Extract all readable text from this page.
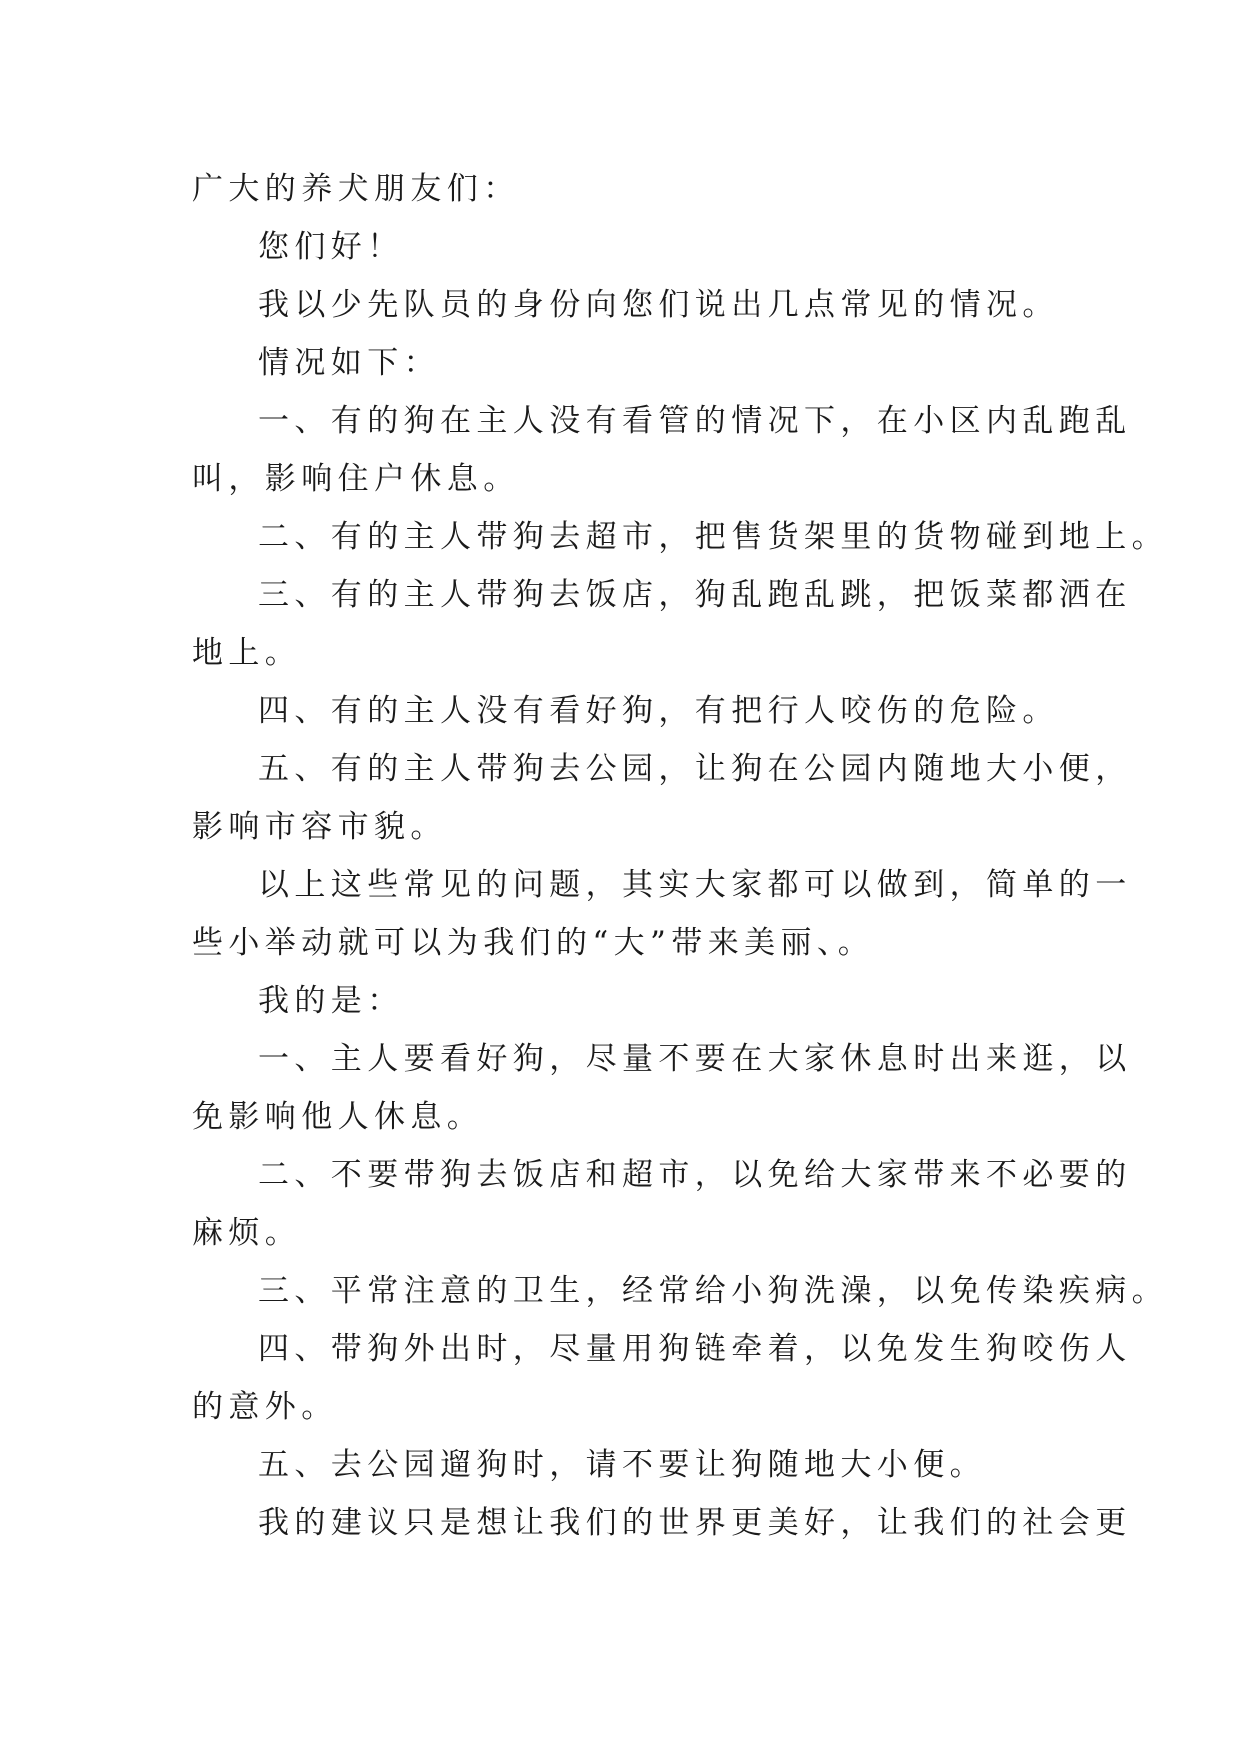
广大的养犬朋友们：

您们好！

我以少先队员的身份向您们说出几点常见的情况。

情况如下：

一、有的狗在主人没有看管的情况下，在小区内乱跑乱

叫，影响住户休息。

二、有的主人带狗去超市，把售货架里的货物碰到地上。

三、有的主人带狗去饭店，狗乱跑乱跳，把饭菜都洒在

地上。

四、有的主人没有看好狗，有把行人咬伤的危险。

五、有的主人带狗去公园，让狗在公园内随地大小便，

影响市容市貌。

以上这些常见的问题，其实大家都可以做到，简单的一

些小举动就可以为我们的“大”带来美丽、。

我的是：

一、主人要看好狗，尽量不要在大家休息时出来逛，以

免影响他人休息。

二、不要带狗去饭店和超市，以免给大家带来不必要的

麻烦。

三、平常注意的卫生，经常给小狗洗澡，以免传染疾病。

四、带狗外出时，尽量用狗链牵着，以免发生狗咬伤人

的意外。

五、去公园遛狗时，请不要让狗随地大小便。

我的建议只是想让我们的世界更美好，让我们的社会更
